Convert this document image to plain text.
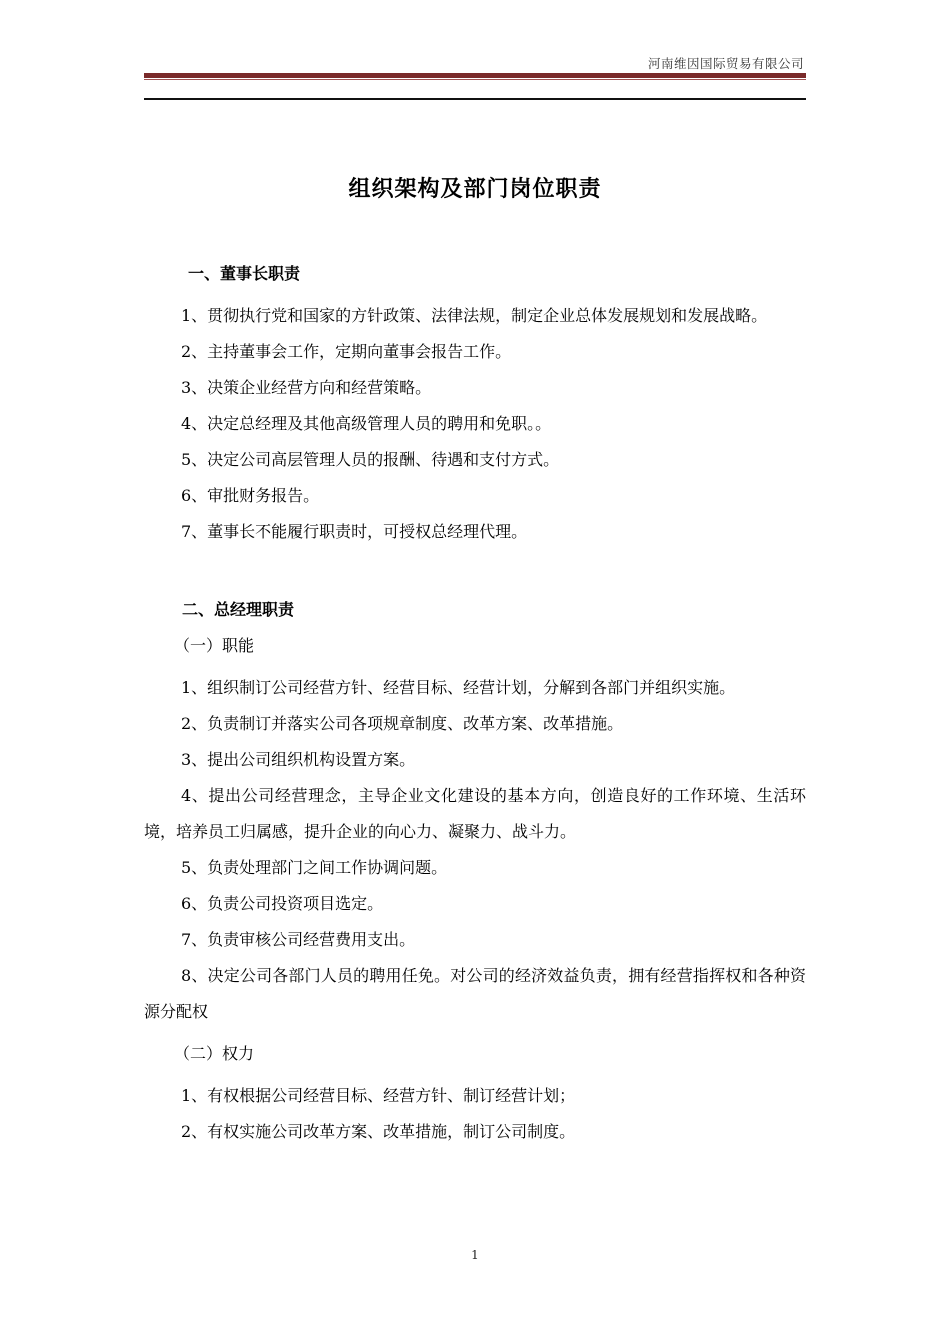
河南维因国际贸易有限公司
组织架构及部门岗位职责
一、董事长职责

1、贯彻执行党和国家的方针政策、法律法规，制定企业总体发展规划和发展战略。

2、主持董事会工作，定期向董事会报告工作。

3、决策企业经营方向和经营策略。

4、决定总经理及其他高级管理人员的聘用和免职。。

5、决定公司高层管理人员的报酬、待遇和支付方式。

6、审批财务报告。

7、董事长不能履行职责时，可授权总经理代理。

二、总经理职责
（一）职能

1、组织制订公司经营方针、经营目标、经营计划，分解到各部门并组织实施。

2、负责制订并落实公司各项规章制度、改革方案、改革措施。

3、提出公司组织机构设置方案。

4、提出公司经营理念，主导企业文化建设的基本方向，创造良好的工作环境、生活环境，培养员工归属感，提升企业的向心力、凝聚力、战斗力。

5、负责处理部门之间工作协调问题。

6、负责公司投资项目选定。

7、负责审核公司经营费用支出。

8、决定公司各部门人员的聘用任免。对公司的经济效益负责，拥有经营指挥权和各种资源分配权

（二）权力

1、有权根据公司经营目标、经营方针、制订经营计划；

2、有权实施公司改革方案、改革措施，制订公司制度。

1
